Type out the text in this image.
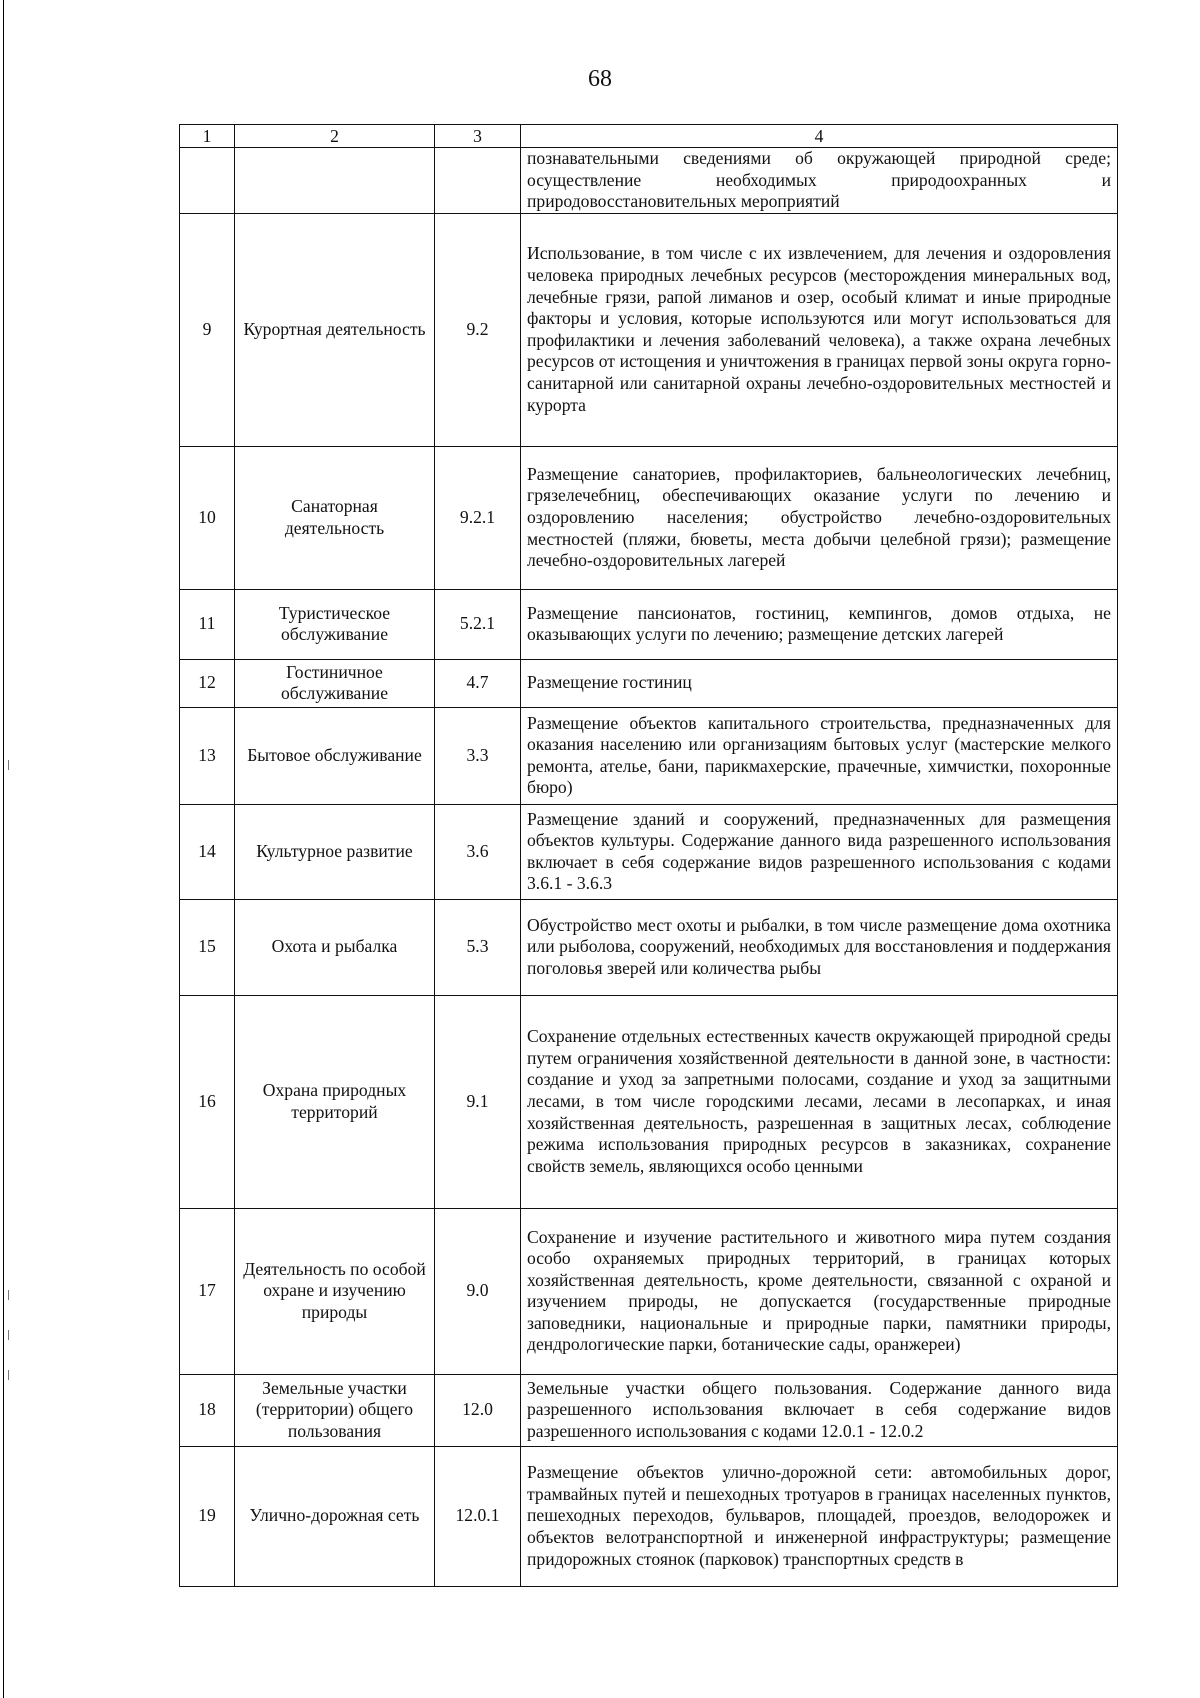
68
1	2	3	4
			познавательными сведениями об окружающей природной среде; осуществление необходимых природоохранных и природовосстановительных мероприятий
9	Курортная деятельность	9.2	Использование, в том числе с их извлечением, для лечения и оздоровления человека природных лечебных ресурсов (месторождения минеральных вод, лечебные грязи, рапой лиманов и озер, особый климат и иные природные факторы и условия, которые используются или могут использоваться для профилактики и лечения заболеваний человека), а также охрана лечебных ресурсов от истощения и уничтожения в границах первой зоны округа горно-санитарной или санитарной охраны лечебно-оздоровительных местностей и курорта
10	Санаторная деятельность	9.2.1	Размещение санаториев, профилакториев, бальнеологических лечебниц, грязелечебниц, обеспечивающих оказание услуги по лечению и оздоровлению населения; обустройство лечебно-оздоровительных местностей (пляжи, бюветы, места добычи целебной грязи); размещение лечебно-оздоровительных лагерей
11	Туристическое обслуживание	5.2.1	Размещение пансионатов, гостиниц, кемпингов, домов отдыха, не оказывающих услуги по лечению; размещение детских лагерей
12	Гостиничное обслуживание	4.7	Размещение гостиниц
13	Бытовое обслуживание	3.3	Размещение объектов капитального строительства, предназначенных для оказания населению или организациям бытовых услуг (мастерские мелкого ремонта, ателье, бани, парикмахерские, прачечные, химчистки, похоронные бюро)
14	Культурное развитие	3.6	Размещение зданий и сооружений, предназначенных для размещения объектов культуры. Содержание данного вида разрешенного использования включает в себя содержание видов разрешенного использования с кодами 3.6.1 - 3.6.3
15	Охота и рыбалка	5.3	Обустройство мест охоты и рыбалки, в том числе размещение дома охотника или рыболова, сооружений, необходимых для восстановления и поддержания поголовья зверей или количества рыбы
16	Охрана природных территорий	9.1	Сохранение отдельных естественных качеств окружающей природной среды путем ограничения хозяйственной деятельности в данной зоне, в частности: создание и уход за запретными полосами, создание и уход за защитными лесами, в том числе городскими лесами, лесами в лесопарках, и иная хозяйственная деятельность, разрешенная в защитных лесах, соблюдение режима использования природных ресурсов в заказниках, сохранение свойств земель, являющихся особо ценными
17	Деятельность по особой охране и изучению природы	9.0	Сохранение и изучение растительного и животного мира путем создания особо охраняемых природных территорий, в границах которых хозяйственная деятельность, кроме деятельности, связанной с охраной и изучением природы, не допускается (государственные природные заповедники, национальные и природные парки, памятники природы, дендрологические парки, ботанические сады, оранжереи)
18	Земельные участки (территории) общего пользования	12.0	Земельные участки общего пользования. Содержание данного вида разрешенного использования включает в себя содержание видов разрешенного использования с кодами 12.0.1 - 12.0.2
19	Улично-дорожная сеть	12.0.1	Размещение объектов улично-дорожной сети: автомобильных дорог, трамвайных путей и пешеходных тротуаров в границах населенных пунктов, пешеходных переходов, бульваров, площадей, проездов, велодорожек и объектов велотранспортной и инженерной инфраструктуры; размещение придорожных стоянок (парковок) транспортных средств в
